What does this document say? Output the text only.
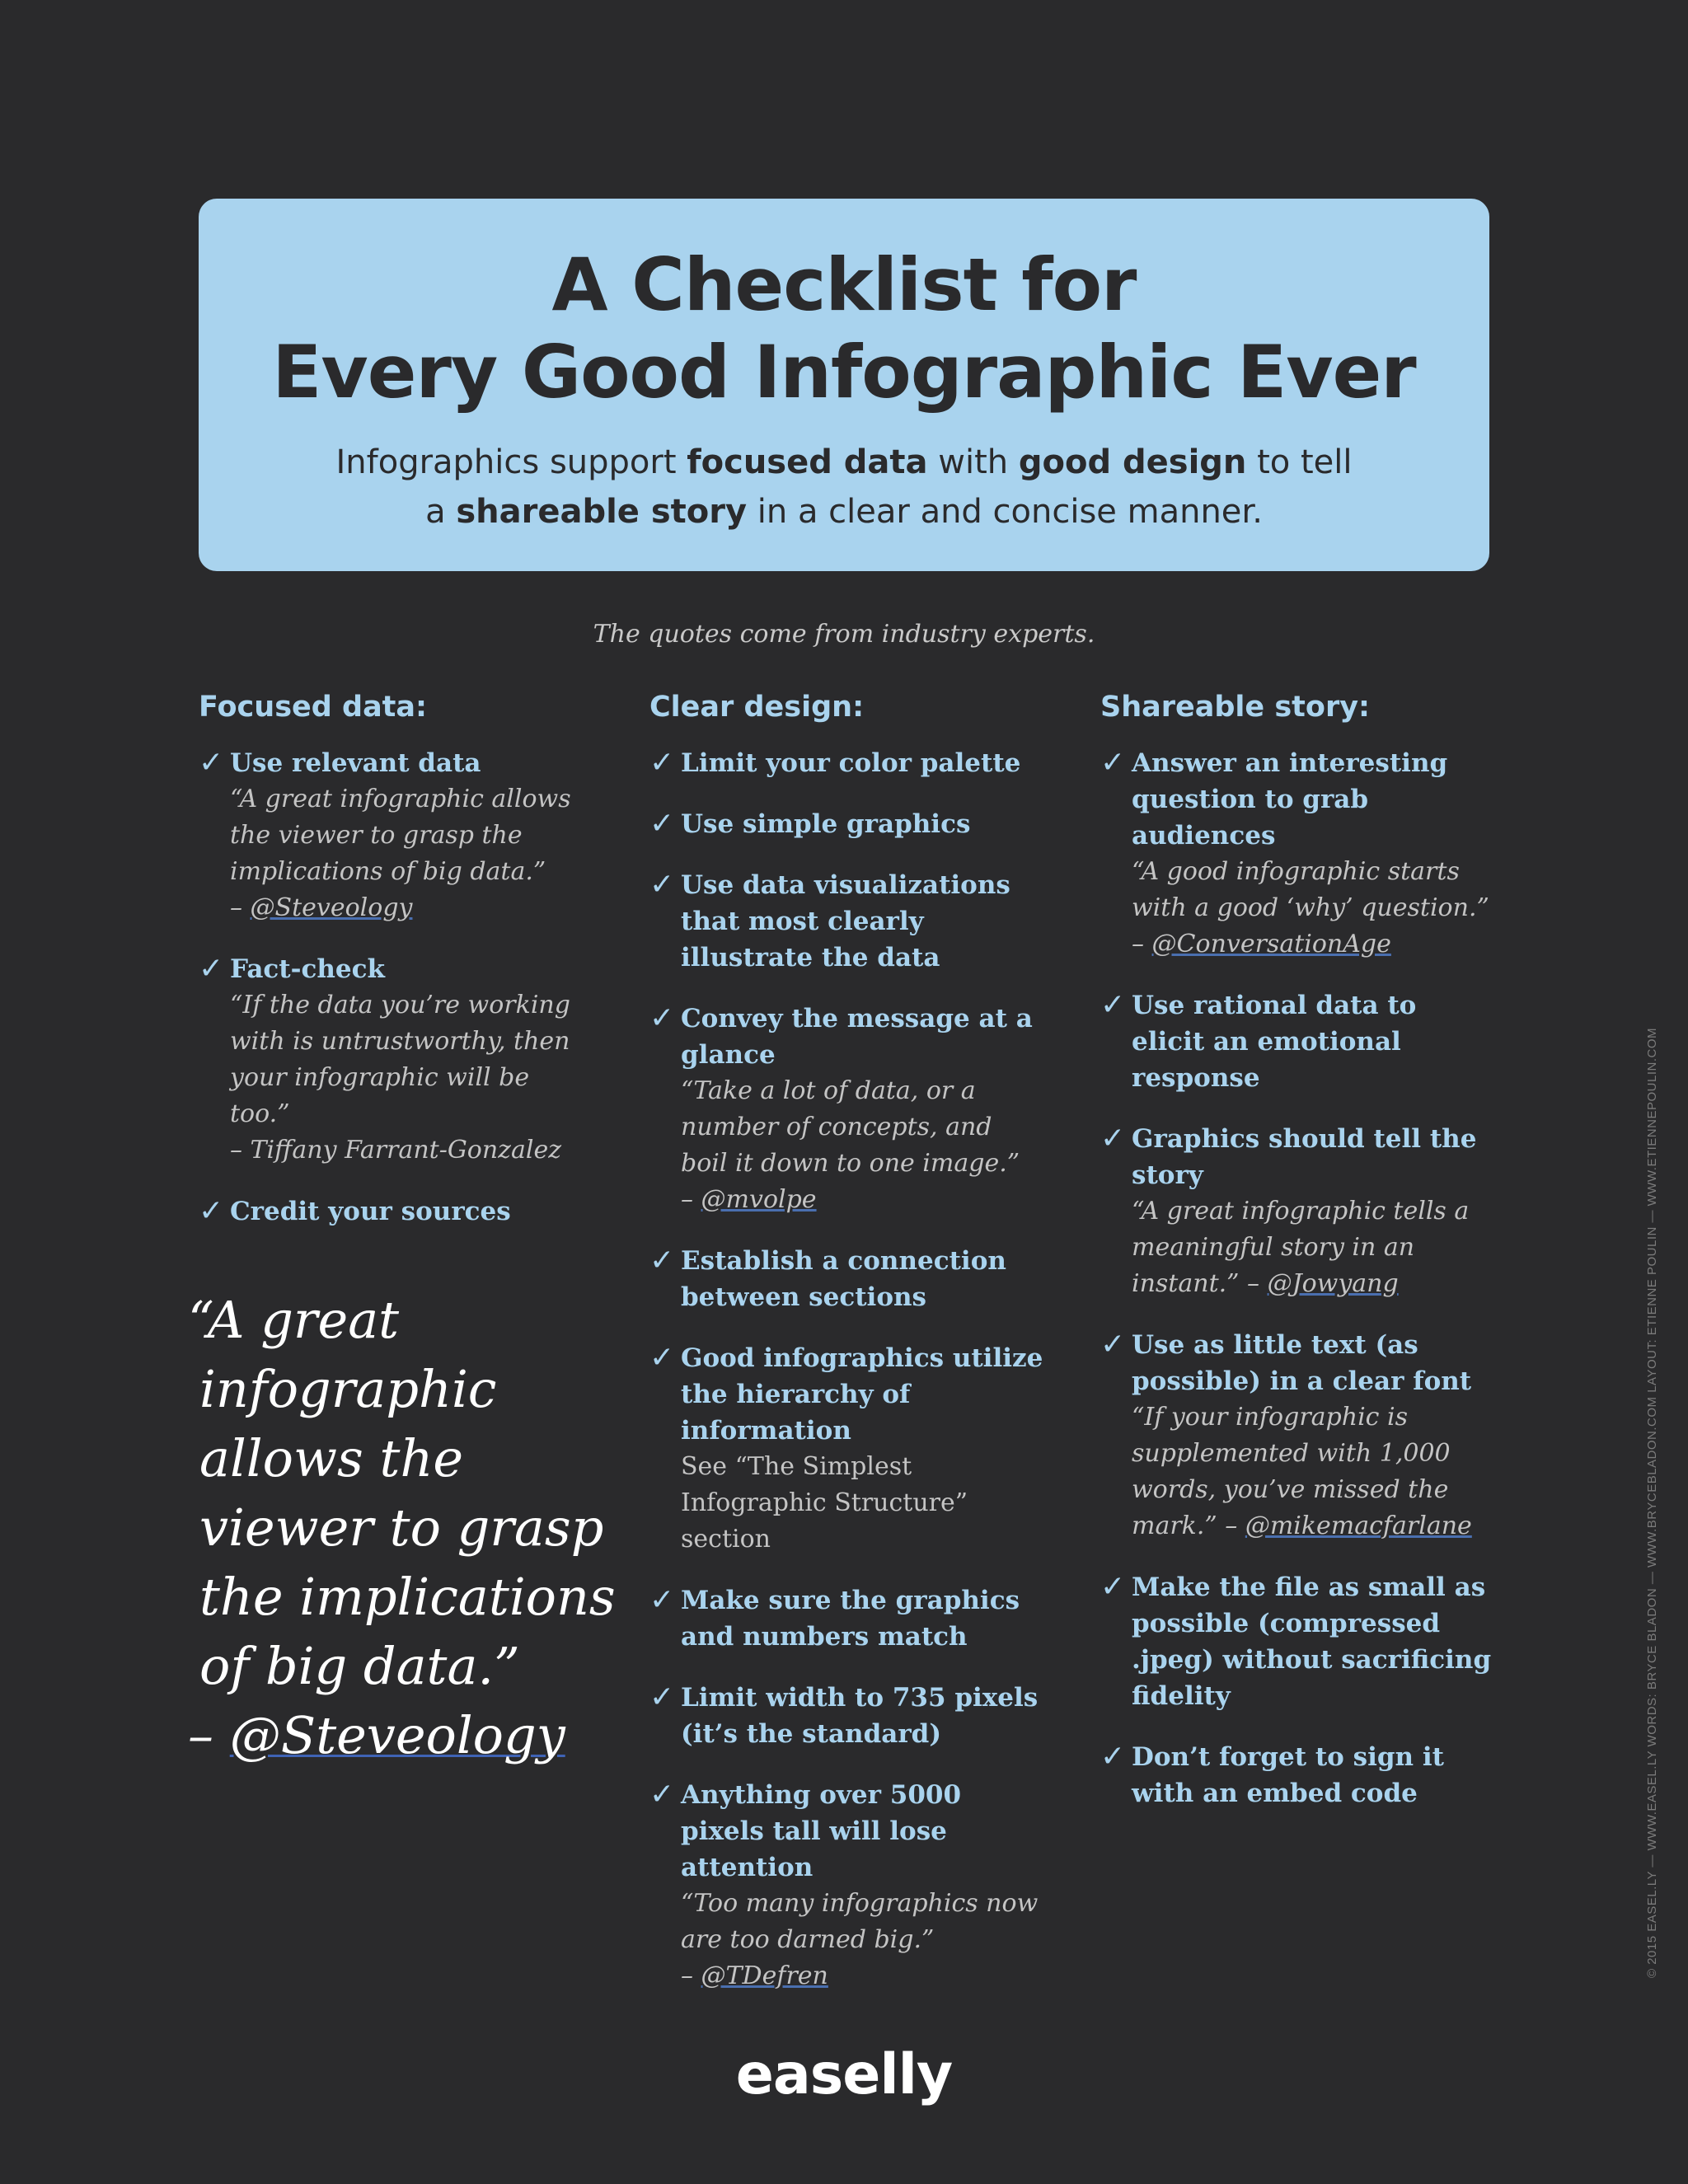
A Checklist for
Every Good Infographic Ever
Infographics support focused data with good design to tell
a shareable story in a clear and concise manner.
The quotes come from industry experts.
Focused data:
✓ Use relevant data
“A great infographic allows the viewer to grasp the implications of big data.”
– @Steveology
✓ Fact-check
“If the data you’re working with is untrustworthy, then your infographic will be too.”
– Tiffany Farrant-Gonzalez
✓ Credit your sources
Clear design:
✓ Limit your color palette
✓ Use simple graphics
✓ Use data visualizations that most clearly illustrate the data
✓ Convey the message at a glance
“Take a lot of data, or a number of concepts, and boil it down to one image.”
– @mvolpe
✓ Establish a connection between sections
✓ Good infographics utilize the hierarchy of information
See “The Simplest Infographic Structure” section
✓ Make sure the graphics and numbers match
✓ Limit width to 735 pixels (it’s the standard)
✓ Anything over 5000 pixels tall will lose attention
“Too many infographics now are too darned big.”
– @TDefren
Shareable story:
✓ Answer an interesting question to grab audiences
“A good infographic starts with a good ‘why’ question.”
– @ConversationAge
✓ Use rational data to elicit an emotional response
✓ Graphics should tell the story
“A great infographic tells a meaningful story in an instant.” – @Jowyang
✓ Use as little text (as possible) in a clear font
“If your infographic is supplemented with 1,000 words, you’ve missed the mark.” – @mikemacfarlane
✓ Make the file as small as possible (compressed .jpeg) without sacrificing fidelity
✓ Don’t forget to sign it with an embed code
“A great infographic allows the viewer to grasp the implications of big data.”
– @Steveology
easelly
© 2015 EASEL.LY — WWW.EASEL.LY WORDS: BRYCE BLADON — WWW.BRYCEBLADON.COM LAYOUT: ETIENNE POULIN — WWW.ETIENNEPOULIN.COM
